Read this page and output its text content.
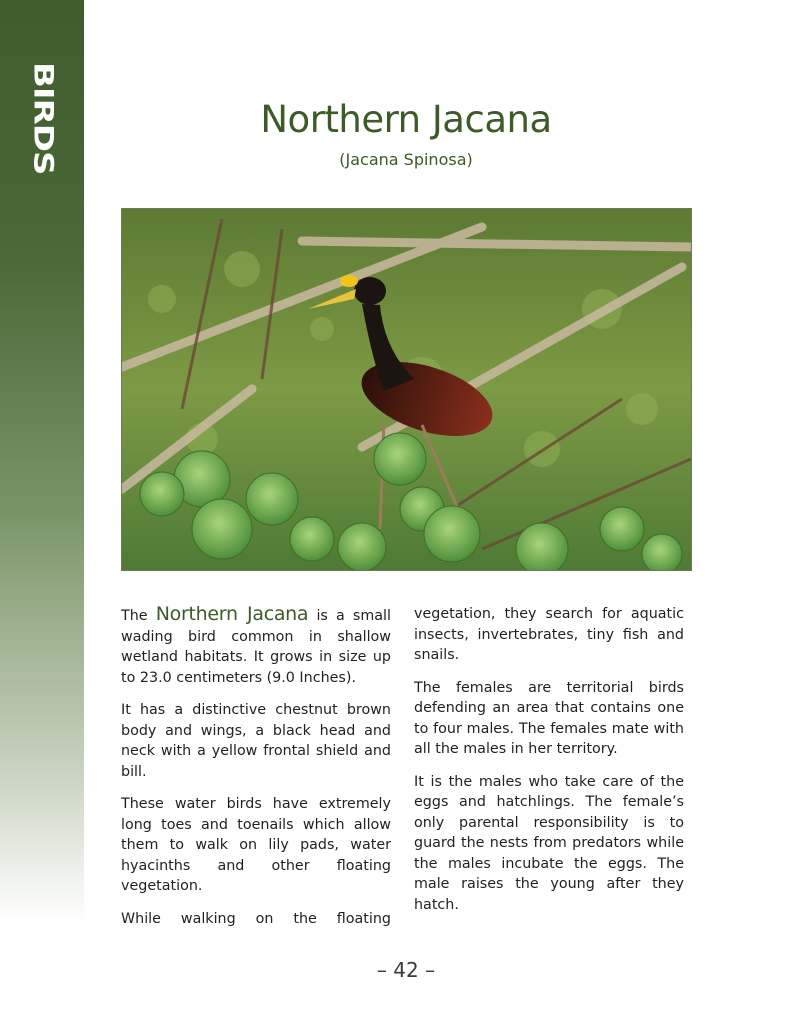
BIRDS	Northern Jacana
(Jacana Spinosa)

The Northern Jacana is a small wading bird common in shallow wetland habitats. It grows in size up to 23.0 centimeters (9.0 Inches).

It has a distinctive chestnut brown body and wings, a black head and neck with a yellow frontal shield and bill.

These water birds have extremely long toes and toenails which allow them to walk on lily pads, water hyacinths and other floating vegetation.

While walking on the floating

vegetation, they search for aquatic insects, invertebrates, tiny fish and snails.

The females are territorial birds defending an area that contains one to four males. The females mate with all the males in her territory.

It is the males who take care of the eggs and hatchlings. The female’s only parental responsibility is to guard the nests from predators while the males incubate the eggs. The male raises the young after they hatch.

– 42 –
